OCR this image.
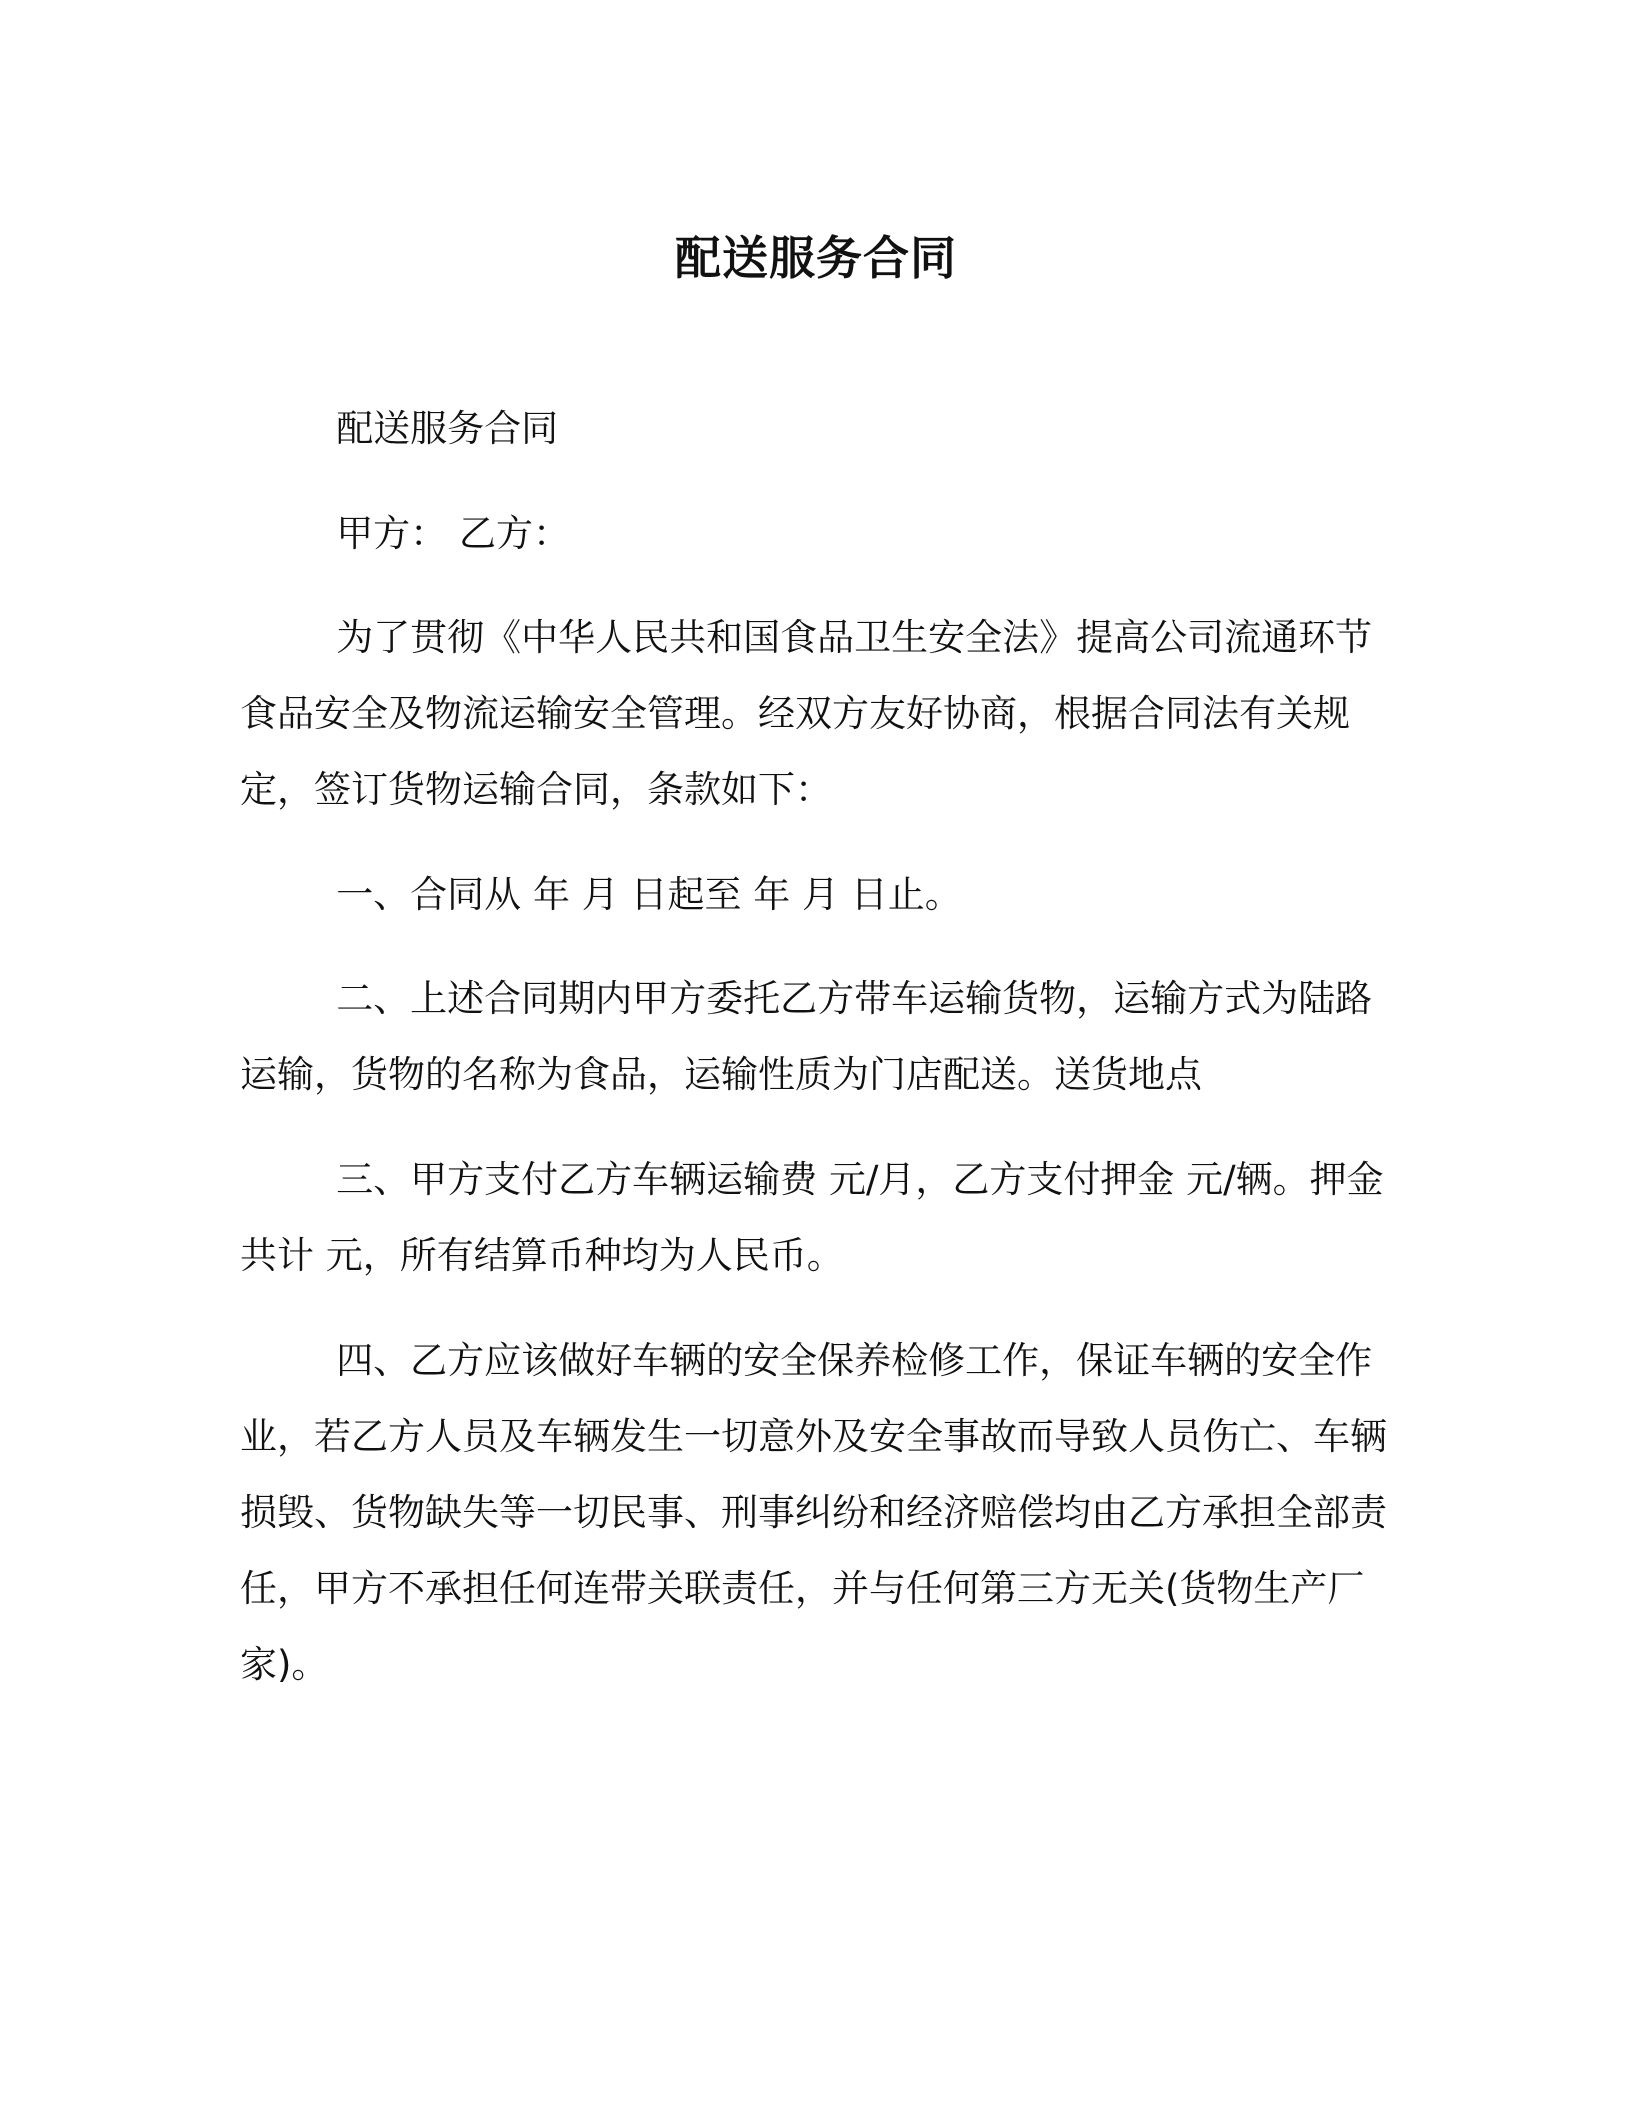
配送服务合同

配送服务合同

甲方： 乙方：

为了贯彻《中华人民共和国食品卫生安全法》提高公司流通环节食品安全及物流运输安全管理。经双方友好协商，根据合同法有关规定，签订货物运输合同，条款如下：

一、合同从 年 月 日起至 年 月 日止。

二、上述合同期内甲方委托乙方带车运输货物，运输方式为陆路运输，货物的名称为食品，运输性质为门店配送。送货地点

三、甲方支付乙方车辆运输费 元/月，乙方支付押金 元/辆。押金共计 元，所有结算币种均为人民币。

四、乙方应该做好车辆的安全保养检修工作，保证车辆的安全作业，若乙方人员及车辆发生一切意外及安全事故而导致人员伤亡、车辆损毁、货物缺失等一切民事、刑事纠纷和经济赔偿均由乙方承担全部责任，甲方不承担任何连带关联责任，并与任何第三方无关(货物生产厂家)。
